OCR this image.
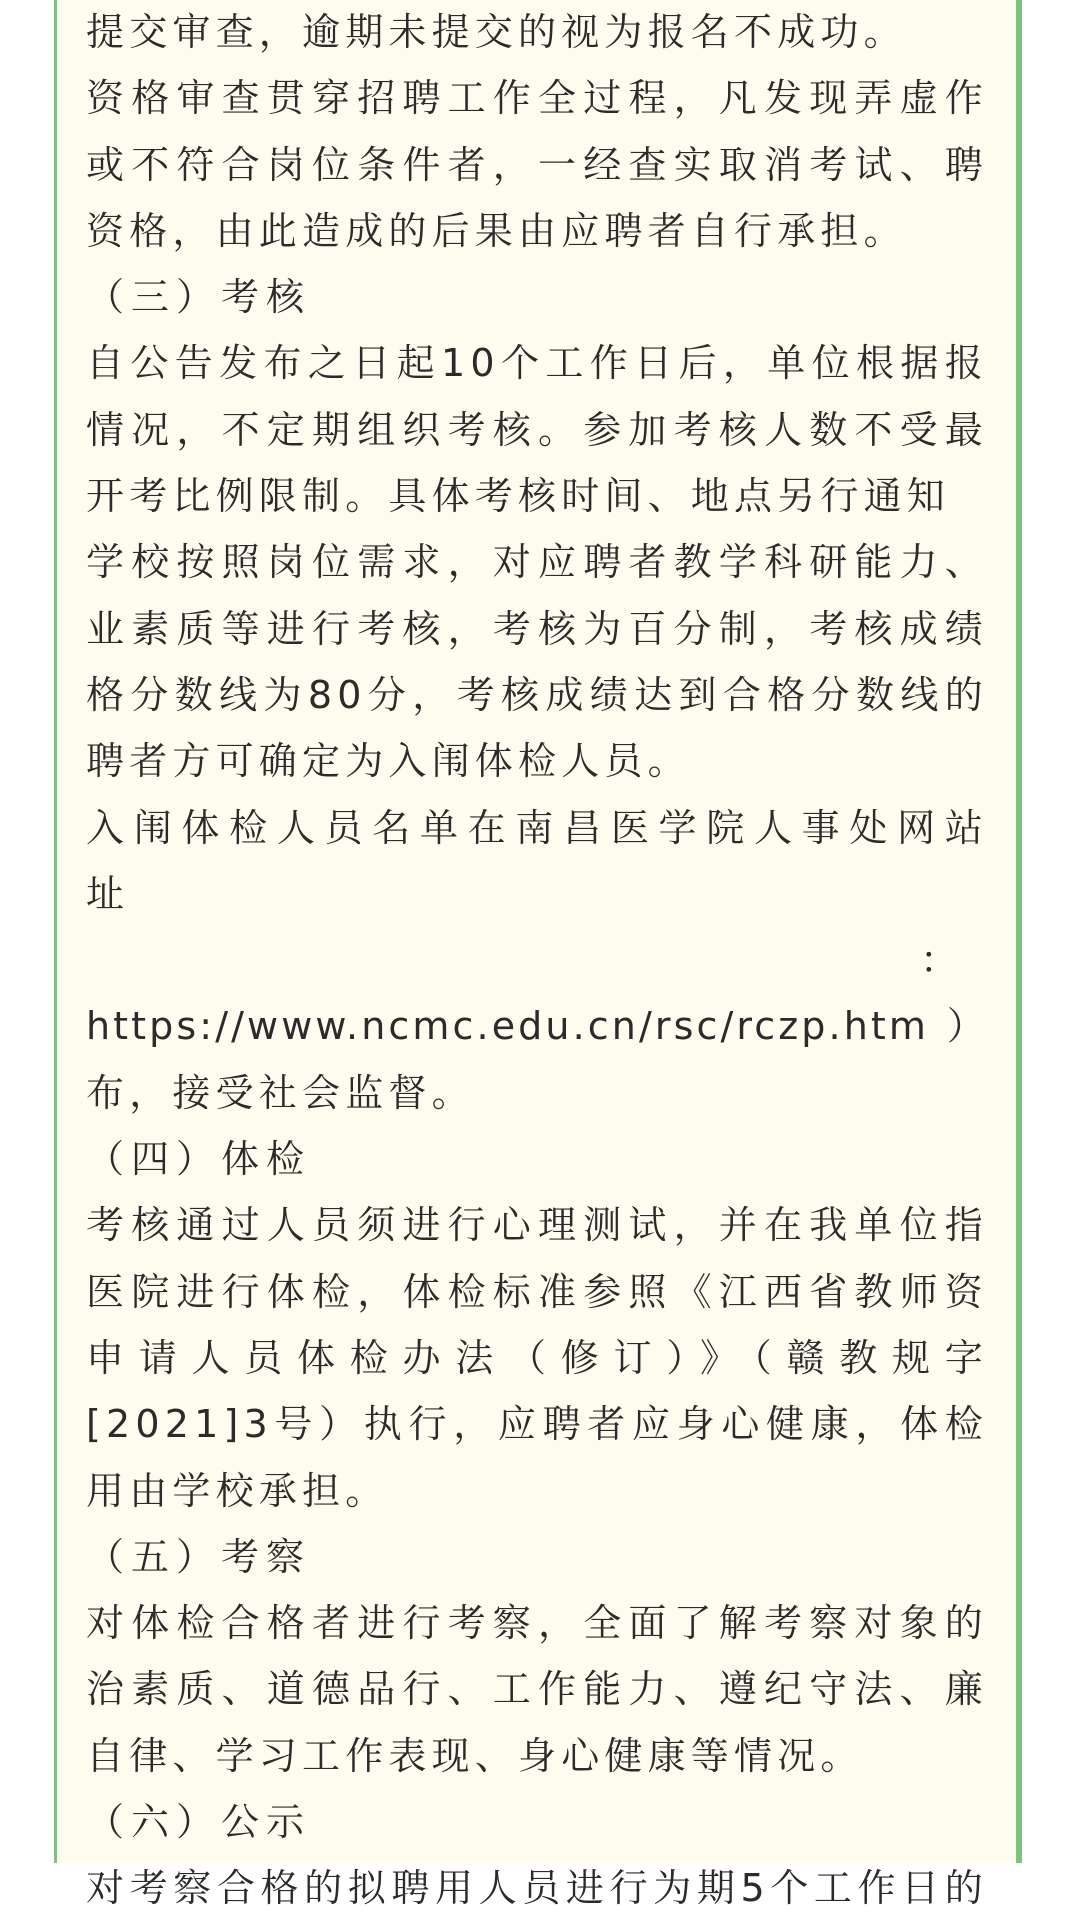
提交审查，逾期未提交的视为报名不成功。
资格审查贯穿招聘工作全过程，凡发现弄虚作
或不符合岗位条件者，一经查实取消考试、聘
资格，由此造成的后果由应聘者自行承担。
（三）考核
自公告发布之日起10个工作日后，单位根据报
情况，不定期组织考核。参加考核人数不受最
开考比例限制。具体考核时间、地点另行通知
学校按照岗位需求，对应聘者教学科研能力、
业素质等进行考核，考核为百分制，考核成绩
格分数线为80分，考核成绩达到合格分数线的
聘者方可确定为入闱体检人员。
入闱体检人员名单在南昌医学院人事处网站
址
：
https://www.ncmc.edu.cn/rsc/rczp.htm）
布，接受社会监督。
（四）体检
考核通过人员须进行心理测试，并在我单位指
医院进行体检，体检标准参照《江西省教师资
申请人员体检办法（修订）》（赣教规字
[2021]3号）执行，应聘者应身心健康，体检
用由学校承担。
（五）考察
对体检合格者进行考察，全面了解考察对象的
治素质、道德品行、工作能力、遵纪守法、廉
自律、学习工作表现、身心健康等情况。
（六）公示
对考察合格的拟聘用人员进行为期5个工作日的
